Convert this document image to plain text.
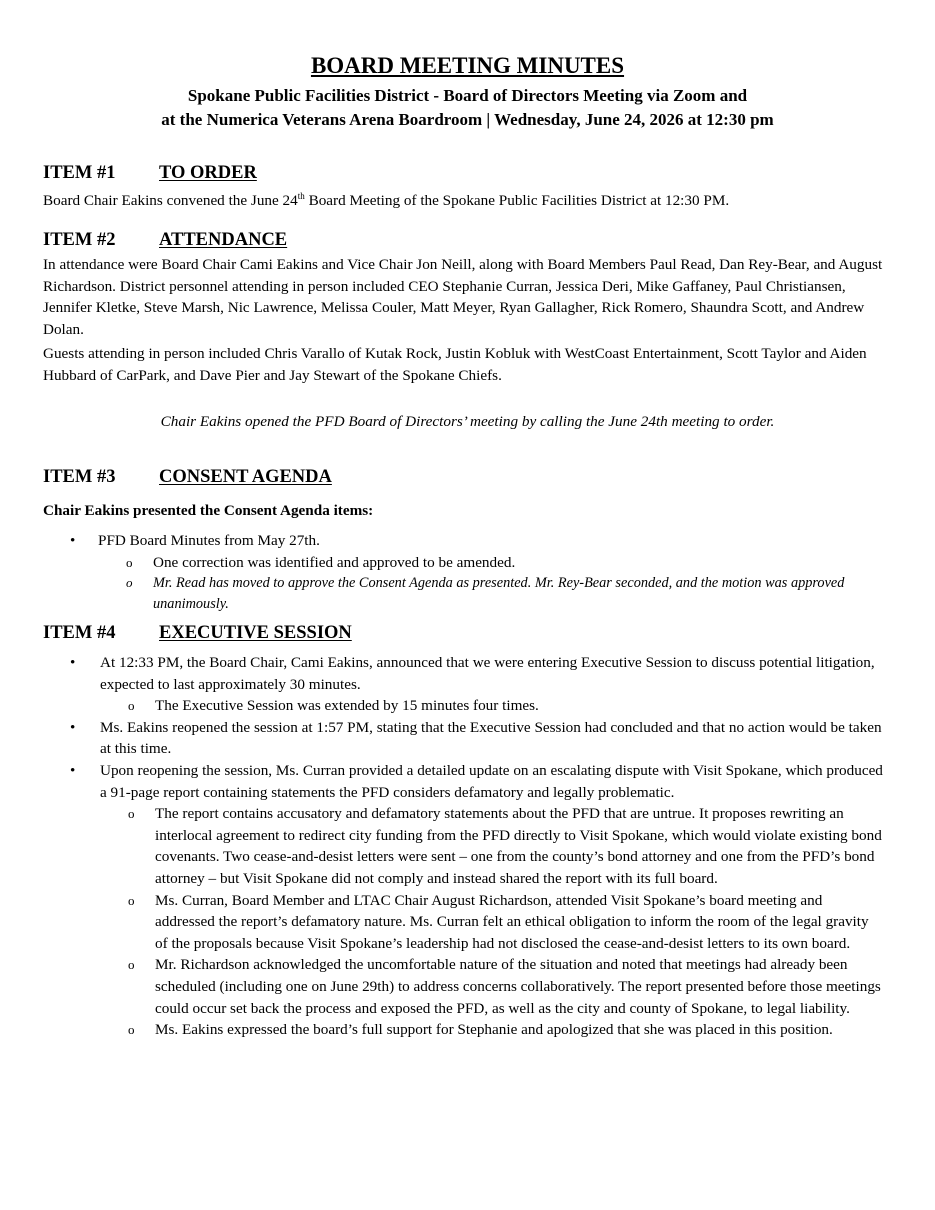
BOARD MEETING MINUTES
Spokane Public Facilities District - Board of Directors Meeting via Zoom and
at the Numerica Veterans Arena Boardroom | Wednesday, June 24, 2026 at 12:30 pm
ITEM #1 TO ORDER

Board Chair Eakins convened the June 24th Board Meeting of the Spokane Public Facilities District at 12:30 PM.

ITEM #2 ATTENDANCE

In attendance were Board Chair Cami Eakins and Vice Chair Jon Neill, along with Board Members Paul Read, Dan Rey-Bear, and August Richardson. District personnel attending in person included CEO Stephanie Curran, Jessica Deri, Mike Gaffaney, Paul Christiansen, Jennifer Kletke, Steve Marsh, Nic Lawrence, Melissa Couler, Matt Meyer, Ryan Gallagher, Rick Romero, Shaundra Scott, and Andrew Dolan.

Guests attending in person included Chris Varallo of Kutak Rock, Justin Kobluk with WestCoast Entertainment, Scott Taylor and Aiden Hubbard of CarPark, and Dave Pier and Jay Stewart of the Spokane Chiefs.

Chair Eakins opened the PFD Board of Directors’ meeting by calling the June 24th meeting to order.

ITEM #3 CONSENT AGENDA

Chair Eakins presented the Consent Agenda items:

• PFD Board Minutes from May 27th.
o One correction was identified and approved to be amended.
o Mr. Read has moved to approve the Consent Agenda as presented. Mr. Rey-Bear seconded, and the motion was approved unanimously.
ITEM #4 EXECUTIVE SESSION
• At 12:33 PM, the Board Chair, Cami Eakins, announced that we were entering Executive Session to discuss potential litigation, expected to last approximately 30 minutes.
o The Executive Session was extended by 15 minutes four times.
• Ms. Eakins reopened the session at 1:57 PM, stating that the Executive Session had concluded and that no action would be taken at this time.
• Upon reopening the session, Ms. Curran provided a detailed update on an escalating dispute with Visit Spokane, which produced a 91-page report containing statements the PFD considers defamatory and legally problematic.
o The report contains accusatory and defamatory statements about the PFD that are untrue. It proposes rewriting an interlocal agreement to redirect city funding from the PFD directly to Visit Spokane, which would violate existing bond covenants. Two cease-and-desist letters were sent – one from the county’s bond attorney and one from the PFD’s bond attorney – but Visit Spokane did not comply and instead shared the report with its full board.
o Ms. Curran, Board Member and LTAC Chair August Richardson, attended Visit Spokane’s board meeting and addressed the report’s defamatory nature. Ms. Curran felt an ethical obligation to inform the room of the legal gravity of the proposals because Visit Spokane’s leadership had not disclosed the cease-and-desist letters to its own board.
o Mr. Richardson acknowledged the uncomfortable nature of the situation and noted that meetings had already been scheduled (including one on June 29th) to address concerns collaboratively. The report presented before those meetings could occur set back the process and exposed the PFD, as well as the city and county of Spokane, to legal liability.
o Ms. Eakins expressed the board’s full support for Stephanie and apologized that she was placed in this position.
